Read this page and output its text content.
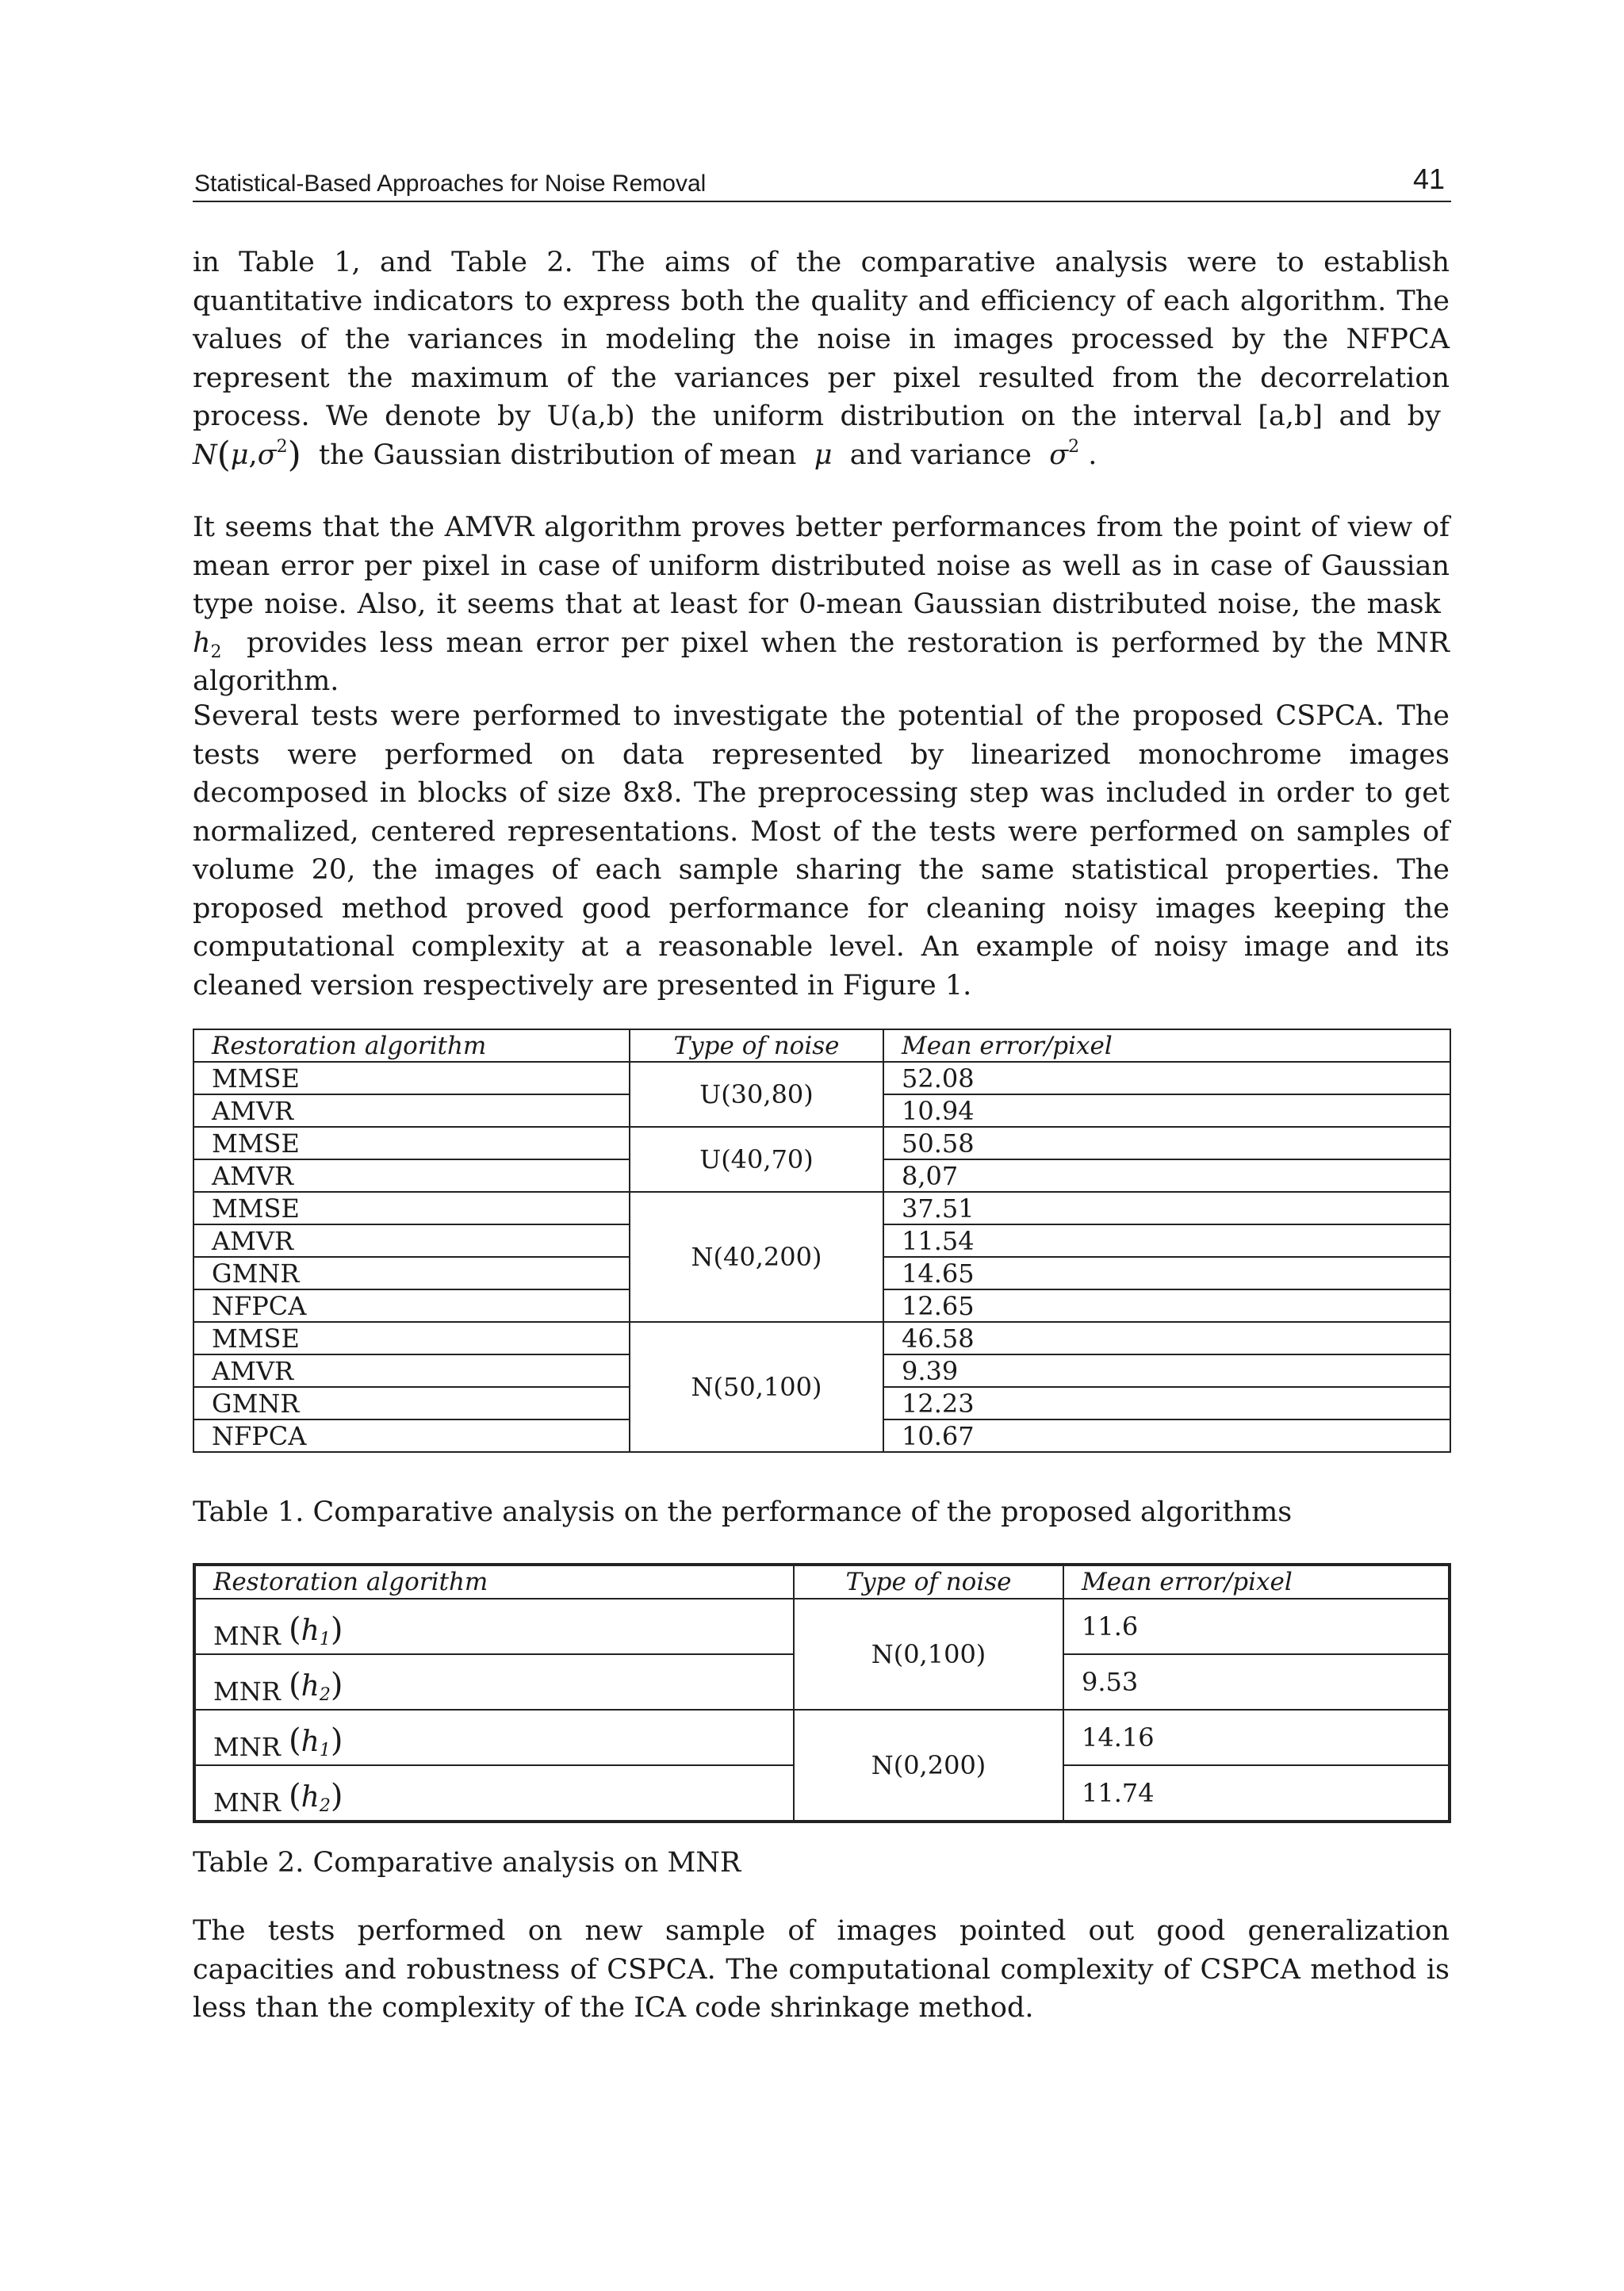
Statistical-Based Approaches for Noise Removal	41

in Table 1, and Table 2. The aims of the comparative analysis were to establish quantitative indicators to express both the quality and efficiency of each algorithm. The values of the variances in modeling the noise in images processed by the NFPCA represent the maximum of the variances per pixel resulted from the decorrelation process. We denote by U(a,b) the uniform distribution on the interval [a,b] and by  $N(\mu,\sigma^2)$ the Gaussian distribution of mean μ and variance $\sigma^2$ .

It seems that the AMVR algorithm proves better performances from the point of view of mean error per pixel in case of uniform distributed noise as well as in case of Gaussian type noise. Also, it seems that at least for 0-mean Gaussian distributed noise, the mask  $h_2$ provides less mean error per pixel when the restoration is performed by the MNR algorithm.

Several tests were performed to investigate the potential of the proposed CSPCA. The tests were performed on data represented by linearized monochrome images decomposed in blocks of size 8x8. The preprocessing step was included in order to get normalized, centered representations. Most of the tests were performed on samples of volume 20, the images of each sample sharing the same statistical properties. The proposed method proved good performance for cleaning noisy images keeping the computational complexity at a reasonable level. An example of noisy image and its cleaned version respectively are presented in Figure 1.

Restoration algorithm	Type of noise	Mean error/pixel
MMSE	U(30,80)	52.08
AMVR		10.94
MMSE	U(40,70)	50.58
AMVR		8,07
MMSE	N(40,200)	37.51
AMVR		11.54
GMNR		14.65
NFPCA		12.65
MMSE	N(50,100)	46.58
AMVR		9.39
GMNR		12.23
NFPCA		10.67

Table 1. Comparative analysis on the performance of the proposed algorithms

Restoration algorithm	Type of noise	Mean error/pixel
MNR (h1)	N(0,100)	11.6
MNR (h2)		9.53
MNR (h1)	N(0,200)	14.16
MNR (h2)		11.74

Table 2. Comparative analysis on MNR

The tests performed on new sample of images pointed out good generalization capacities and robustness of CSPCA. The computational complexity of CSPCA method is less than the complexity of the ICA code shrinkage method.
